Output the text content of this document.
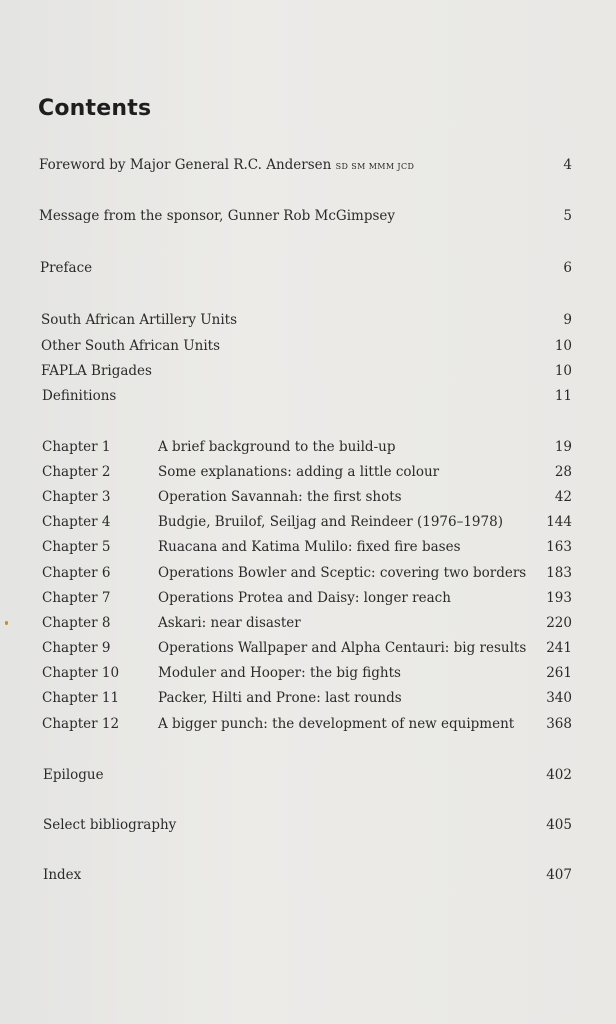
Contents
Foreword by Major General R.C. Andersen SD SM MMM JCD	4
Message from the sponsor, Gunner Rob McGimpsey	5
Preface	6
South African Artillery Units	9
Other South African Units	10
FAPLA Brigades	10
Definitions	11
Chapter 1	A brief background to the build-up	19
Chapter 2	Some explanations: adding a little colour	28
Chapter 3	Operation Savannah: the first shots	42
Chapter 4	Budgie, Bruilof, Seiljag and Reindeer (1976–1978)	144
Chapter 5	Ruacana and Katima Mulilo: fixed fire bases	163
Chapter 6	Operations Bowler and Sceptic: covering two borders 183
Chapter 7	Operations Protea and Daisy: longer reach	193
Chapter 8	Askari: near disaster	220
Chapter 9	Operations Wallpaper and Alpha Centauri: big results 241
Chapter 10	Moduler and Hooper: the big fights	261
Chapter 11	Packer, Hilti and Prone: last rounds	340
Chapter 12	A bigger punch: the development of new equipment 368
Epilogue	402
Select bibliography	405
Index	407
